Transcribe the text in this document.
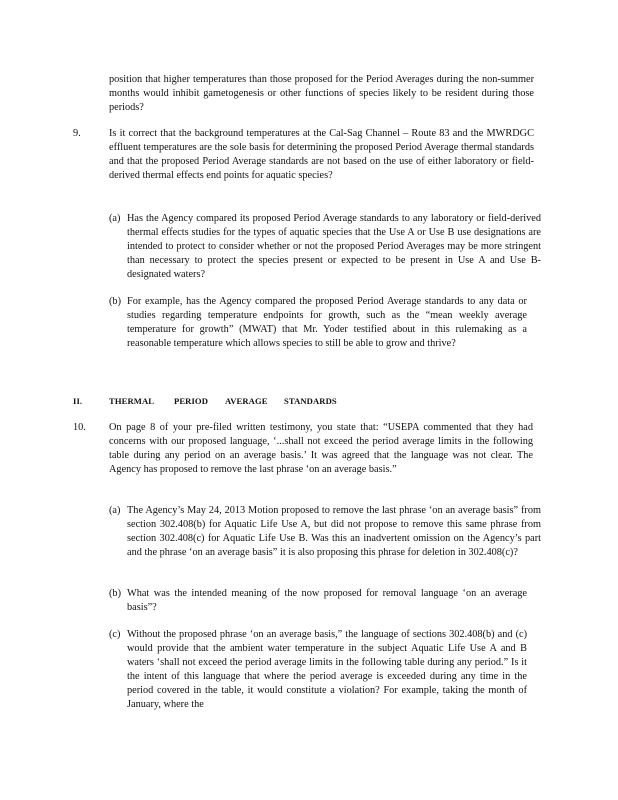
position that higher temperatures than those proposed for the Period Averages during the non-summer months would inhibit gametogenesis or other functions of species likely to be resident during those periods?
9.	Is it correct that the background temperatures at the Cal-Sag Channel – Route 83 and the MWRDGC effluent temperatures are the sole basis for determining the proposed Period Average thermal standards and that the proposed Period Average standards are not based on the use of either laboratory or field-derived thermal effects end points for aquatic species?
(a) Has the Agency compared its proposed Period Average standards to any laboratory or field-derived thermal effects studies for the types of aquatic species that the Use A or Use B use designations are intended to protect to consider whether or not the proposed Period Averages may be more stringent than necessary to protect the species present or expected to be present in Use A and Use B-designated waters?
(b) For example, has the Agency compared the proposed Period Average standards to any data or studies regarding temperature endpoints for growth, such as the “mean weekly average temperature for growth” (MWAT) that Mr. Yoder testified about in this rulemaking as a reasonable temperature which allows species to still be able to grow and thrive?
II.	THERMAL PERIOD AVERAGE STANDARDS
10. On page 8 of your pre-filed written testimony, you state that: “USEPA commented that they had concerns with our proposed language, ‘...shall not exceed the period average limits in the following table during any period on an average basis.’ It was agreed that the language was not clear. The Agency has proposed to remove the last phrase ‘on an average basis.”
(a) The Agency’s May 24, 2013 Motion proposed to remove the last phrase ‘on an average basis” from section 302.408(b) for Aquatic Life Use A, but did not propose to remove this same phrase from section 302.408(c) for Aquatic Life Use B. Was this an inadvertent omission on the Agency’s part and the phrase ‘on an average basis” it is also proposing this phrase for deletion in 302.408(c)?
(b) What was the intended meaning of the now proposed for removal language ‘on an average basis”?
(c) Without the proposed phrase ‘on an average basis,” the language of sections 302.408(b) and (c) would provide that the ambient water temperature in the subject Aquatic Life Use A and B waters ‘shall not exceed the period average limits in the following table during any period.” Is it the intent of this language that where the period average is exceeded during any time in the period covered in the table, it would constitute a violation? For example, taking the month of January, where the
